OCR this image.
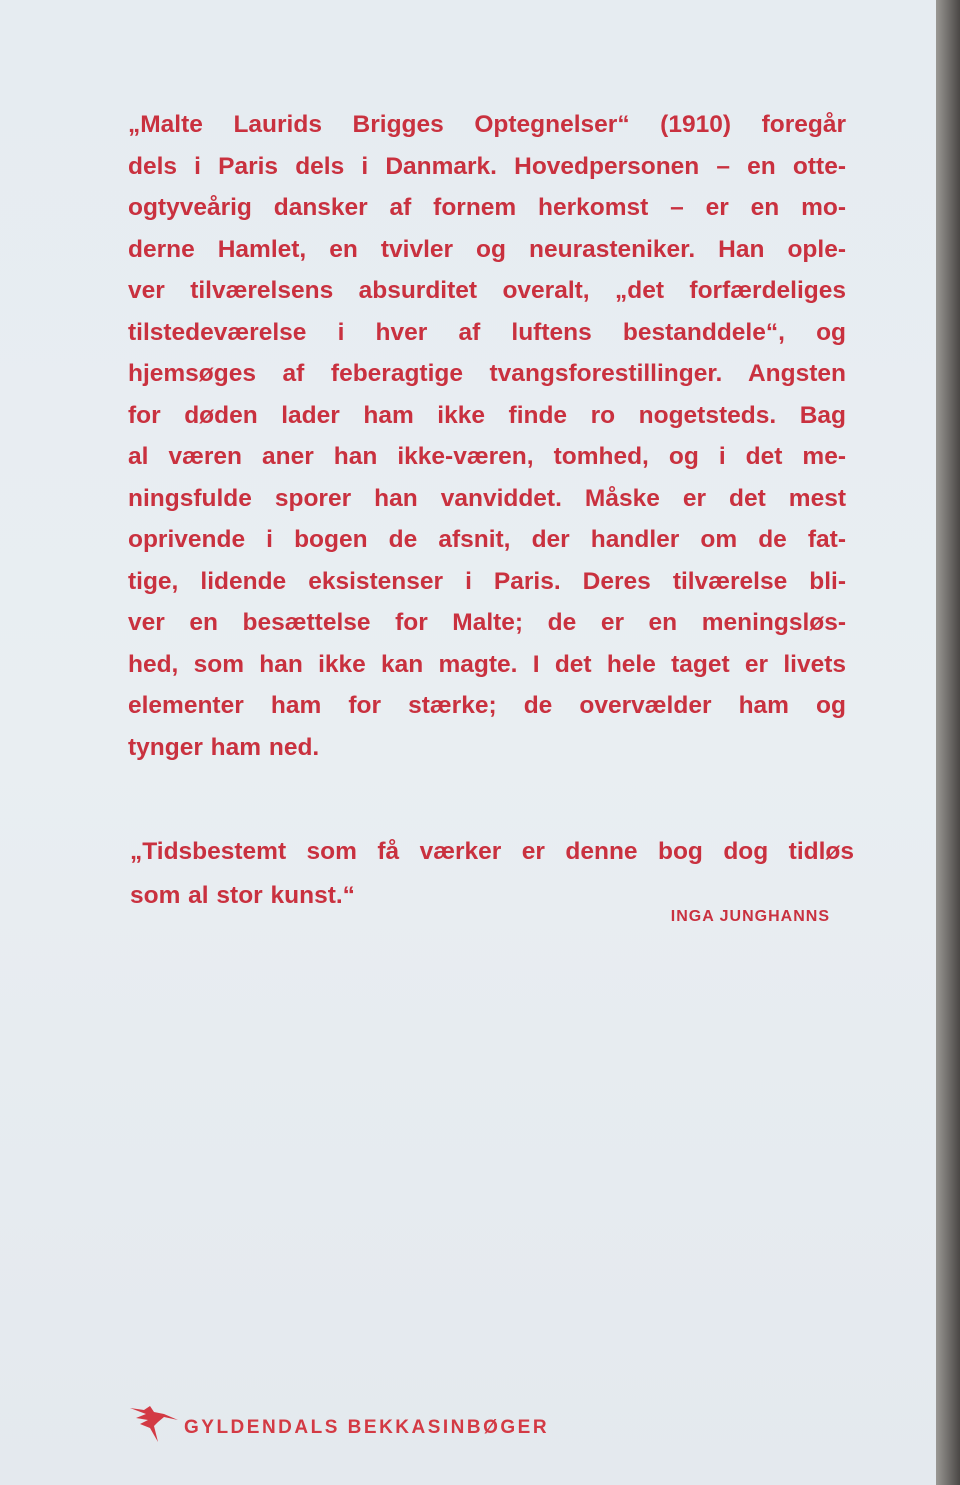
„Malte Laurids Brigges Optegnelser“ (1910) foregår
dels i Paris dels i Danmark. Hovedpersonen – en otte-
ogtyveårig dansker af fornem herkomst – er en mo-
derne Hamlet, en tvivler og neurasteniker. Han ople-
ver tilværelsens absurditet overalt, „det forfærdeliges
tilstedeværelse i hver af luftens bestanddele“, og
hjemsøges af feberagtige tvangsforestillinger. Angsten
for døden lader ham ikke finde ro nogetsteds. Bag
al væren aner han ikke-væren, tomhed, og i det me-
ningsfulde sporer han vanviddet. Måske er det mest
oprivende i bogen de afsnit, der handler om de fat-
tige, lidende eksistenser i Paris. Deres tilværelse bli-
ver en besættelse for Malte; de er en meningsløs-
hed, som han ikke kan magte. I det hele taget er livets
elementer ham for stærke; de overvælder ham og
tynger ham ned.
„Tidsbestemt som få værker er denne bog dog tidløs
som al stor kunst.“
INGA JUNGHANNS
GYLDENDALS BEKKASINBØGER
